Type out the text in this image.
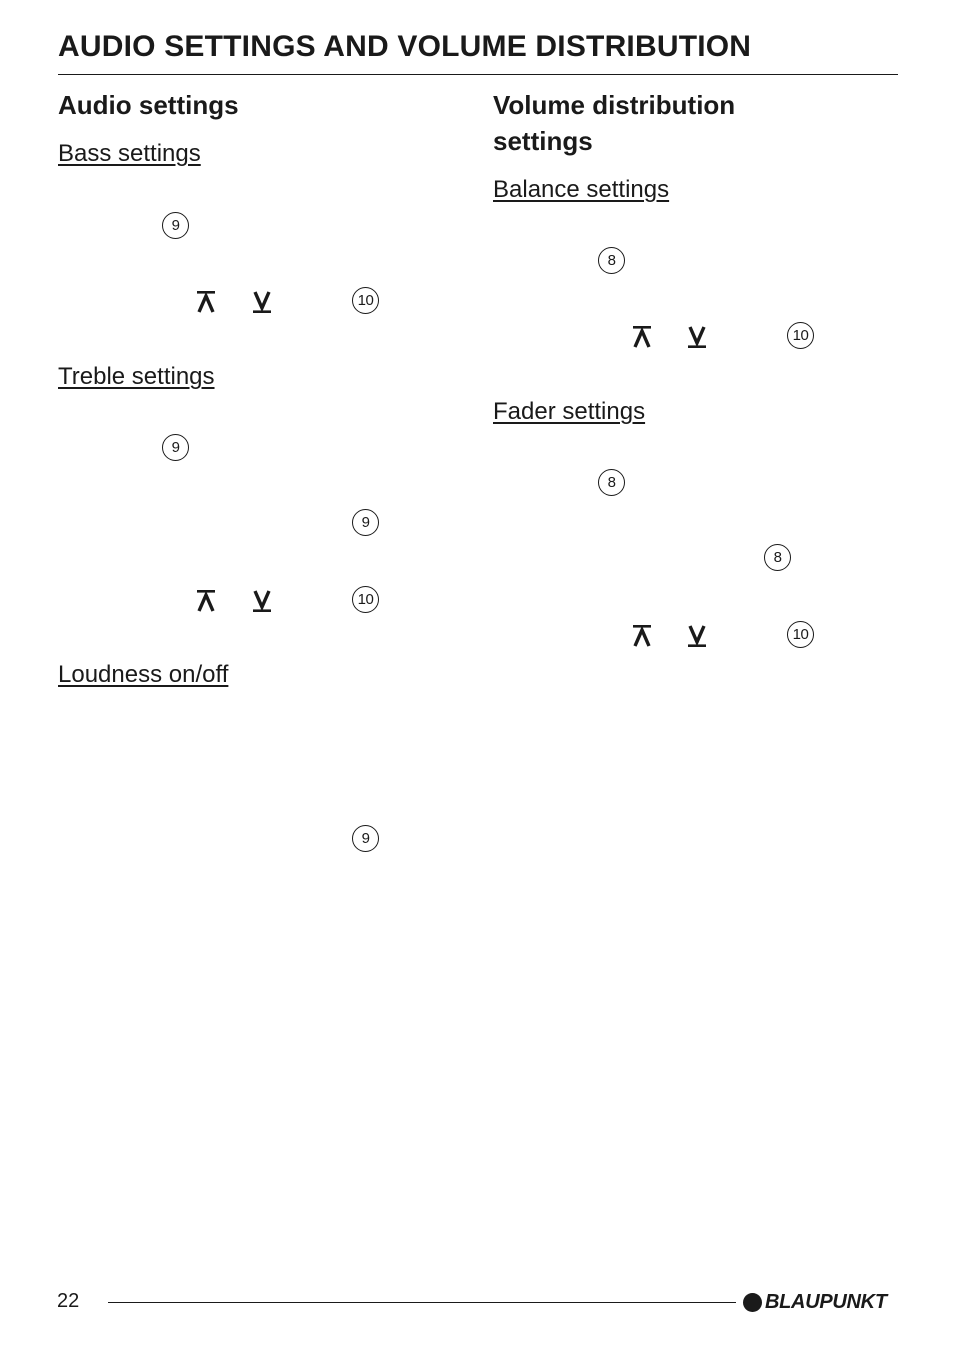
AUDIO SETTINGS AND VOLUME DISTRIBUTION
Audio settings
Bass settings
9
10
Treble settings
9
9
10
Loudness on/off
9
Volume distribution settings
Balance settings
8
10
Fader settings
8
8
10
22	BLAUPUNKT
